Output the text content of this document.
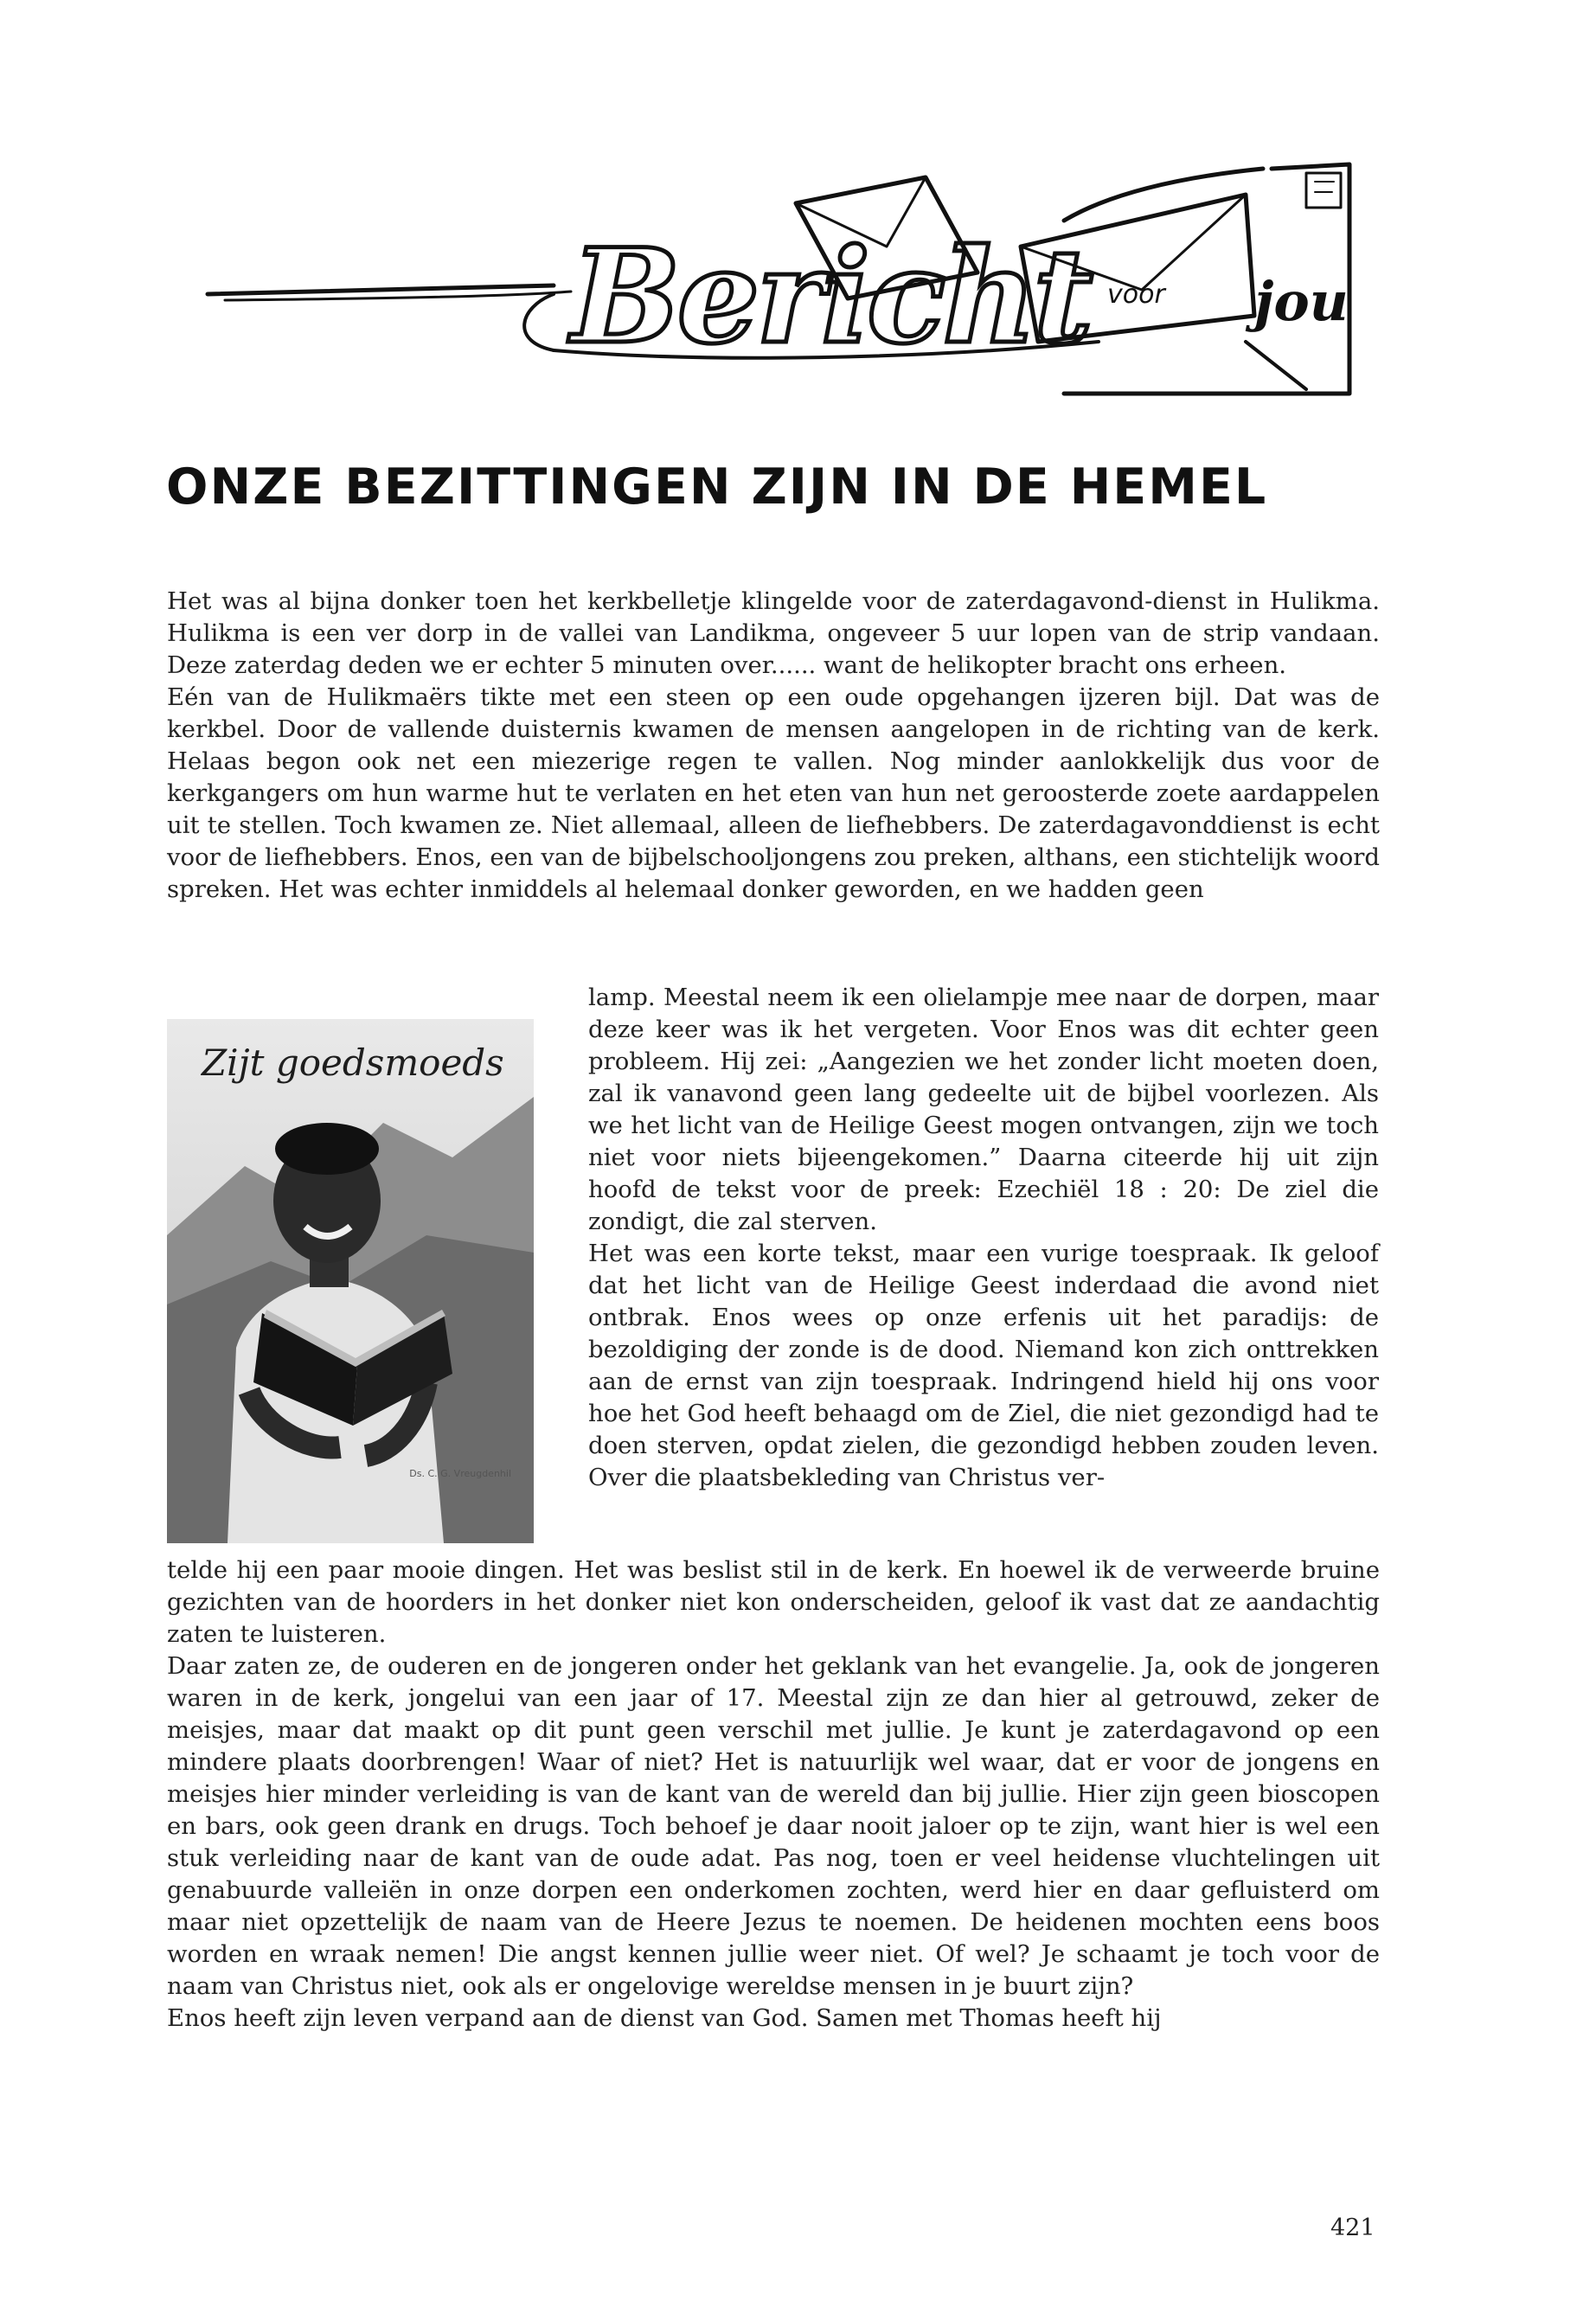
Bericht voor jou
ONZE BEZITTINGEN ZIJN IN DE HEMEL

Het was al bijna donker toen het kerkbelletje klingelde voor de zaterdagavond-dienst in Hulikma. Hulikma is een ver dorp in de vallei van Landikma, ongeveer 5 uur lopen van de strip vandaan. Deze zaterdag deden we er echter 5 minuten over...... want de helikopter bracht ons erheen.

Eén van de Hulikmaërs tikte met een steen op een oude opgehangen ijzeren bijl. Dat was de kerkbel. Door de vallende duisternis kwamen de mensen aangelopen in de richting van de kerk. Helaas begon ook net een miezerige regen te vallen. Nog minder aanlokkelijk dus voor de kerkgangers om hun warme hut te verlaten en het eten van hun net geroosterde zoete aardappelen uit te stellen. Toch kwamen ze. Niet allemaal, alleen de liefhebbers. De zaterdagavonddienst is echt voor de liefhebbers. Enos, een van de bijbelschooljongens zou preken, althans, een stichtelijk woord spreken. Het was echter inmiddels al helemaal donker geworden, en we hadden geen

Zijt goedsmoeds
Ds. C. G. Vreugdenhil

lamp. Meestal neem ik een olielampje mee naar de dorpen, maar deze keer was ik het vergeten. Voor Enos was dit echter geen probleem. Hij zei: „Aangezien we het zonder licht moeten doen, zal ik vanavond geen lang gedeelte uit de bijbel voorlezen. Als we het licht van de Heilige Geest mogen ontvangen, zijn we toch niet voor niets bijeengekomen.” Daarna citeerde hij uit zijn hoofd de tekst voor de preek: Ezechiël 18 : 20: De ziel die zondigt, die zal sterven.

Het was een korte tekst, maar een vurige toespraak. Ik geloof dat het licht van de Heilige Geest inderdaad die avond niet ontbrak. Enos wees op onze erfenis uit het paradijs: de bezoldiging der zonde is de dood. Niemand kon zich onttrekken aan de ernst van zijn toespraak. Indringend hield hij ons voor hoe het God heeft behaagd om de Ziel, die niet gezondigd had te doen sterven, opdat zielen, die gezondigd hebben zouden leven. Over die plaatsbekleding van Christus ver-

telde hij een paar mooie dingen. Het was beslist stil in de kerk. En hoewel ik de verweerde bruine gezichten van de hoorders in het donker niet kon onderscheiden, geloof ik vast dat ze aandachtig zaten te luisteren.

Daar zaten ze, de ouderen en de jongeren onder het geklank van het evangelie. Ja, ook de jongeren waren in de kerk, jongelui van een jaar of 17. Meestal zijn ze dan hier al getrouwd, zeker de meisjes, maar dat maakt op dit punt geen verschil met jullie. Je kunt je zaterdagavond op een mindere plaats doorbrengen! Waar of niet? Het is natuurlijk wel waar, dat er voor de jongens en meisjes hier minder verleiding is van de kant van de wereld dan bij jullie. Hier zijn geen bioscopen en bars, ook geen drank en drugs. Toch behoef je daar nooit jaloer op te zijn, want hier is wel een stuk verleiding naar de kant van de oude adat. Pas nog, toen er veel heidense vluchtelingen uit genabuurde valleiën in onze dorpen een onderkomen zochten, werd hier en daar gefluisterd om maar niet opzettelijk de naam van de Heere Jezus te noemen. De heidenen mochten eens boos worden en wraak nemen! Die angst kennen jullie weer niet. Of wel? Je schaamt je toch voor de naam van Christus niet, ook als er ongelovige wereldse mensen in je buurt zijn?

Enos heeft zijn leven verpand aan de dienst van God. Samen met Thomas heeft hij

421
